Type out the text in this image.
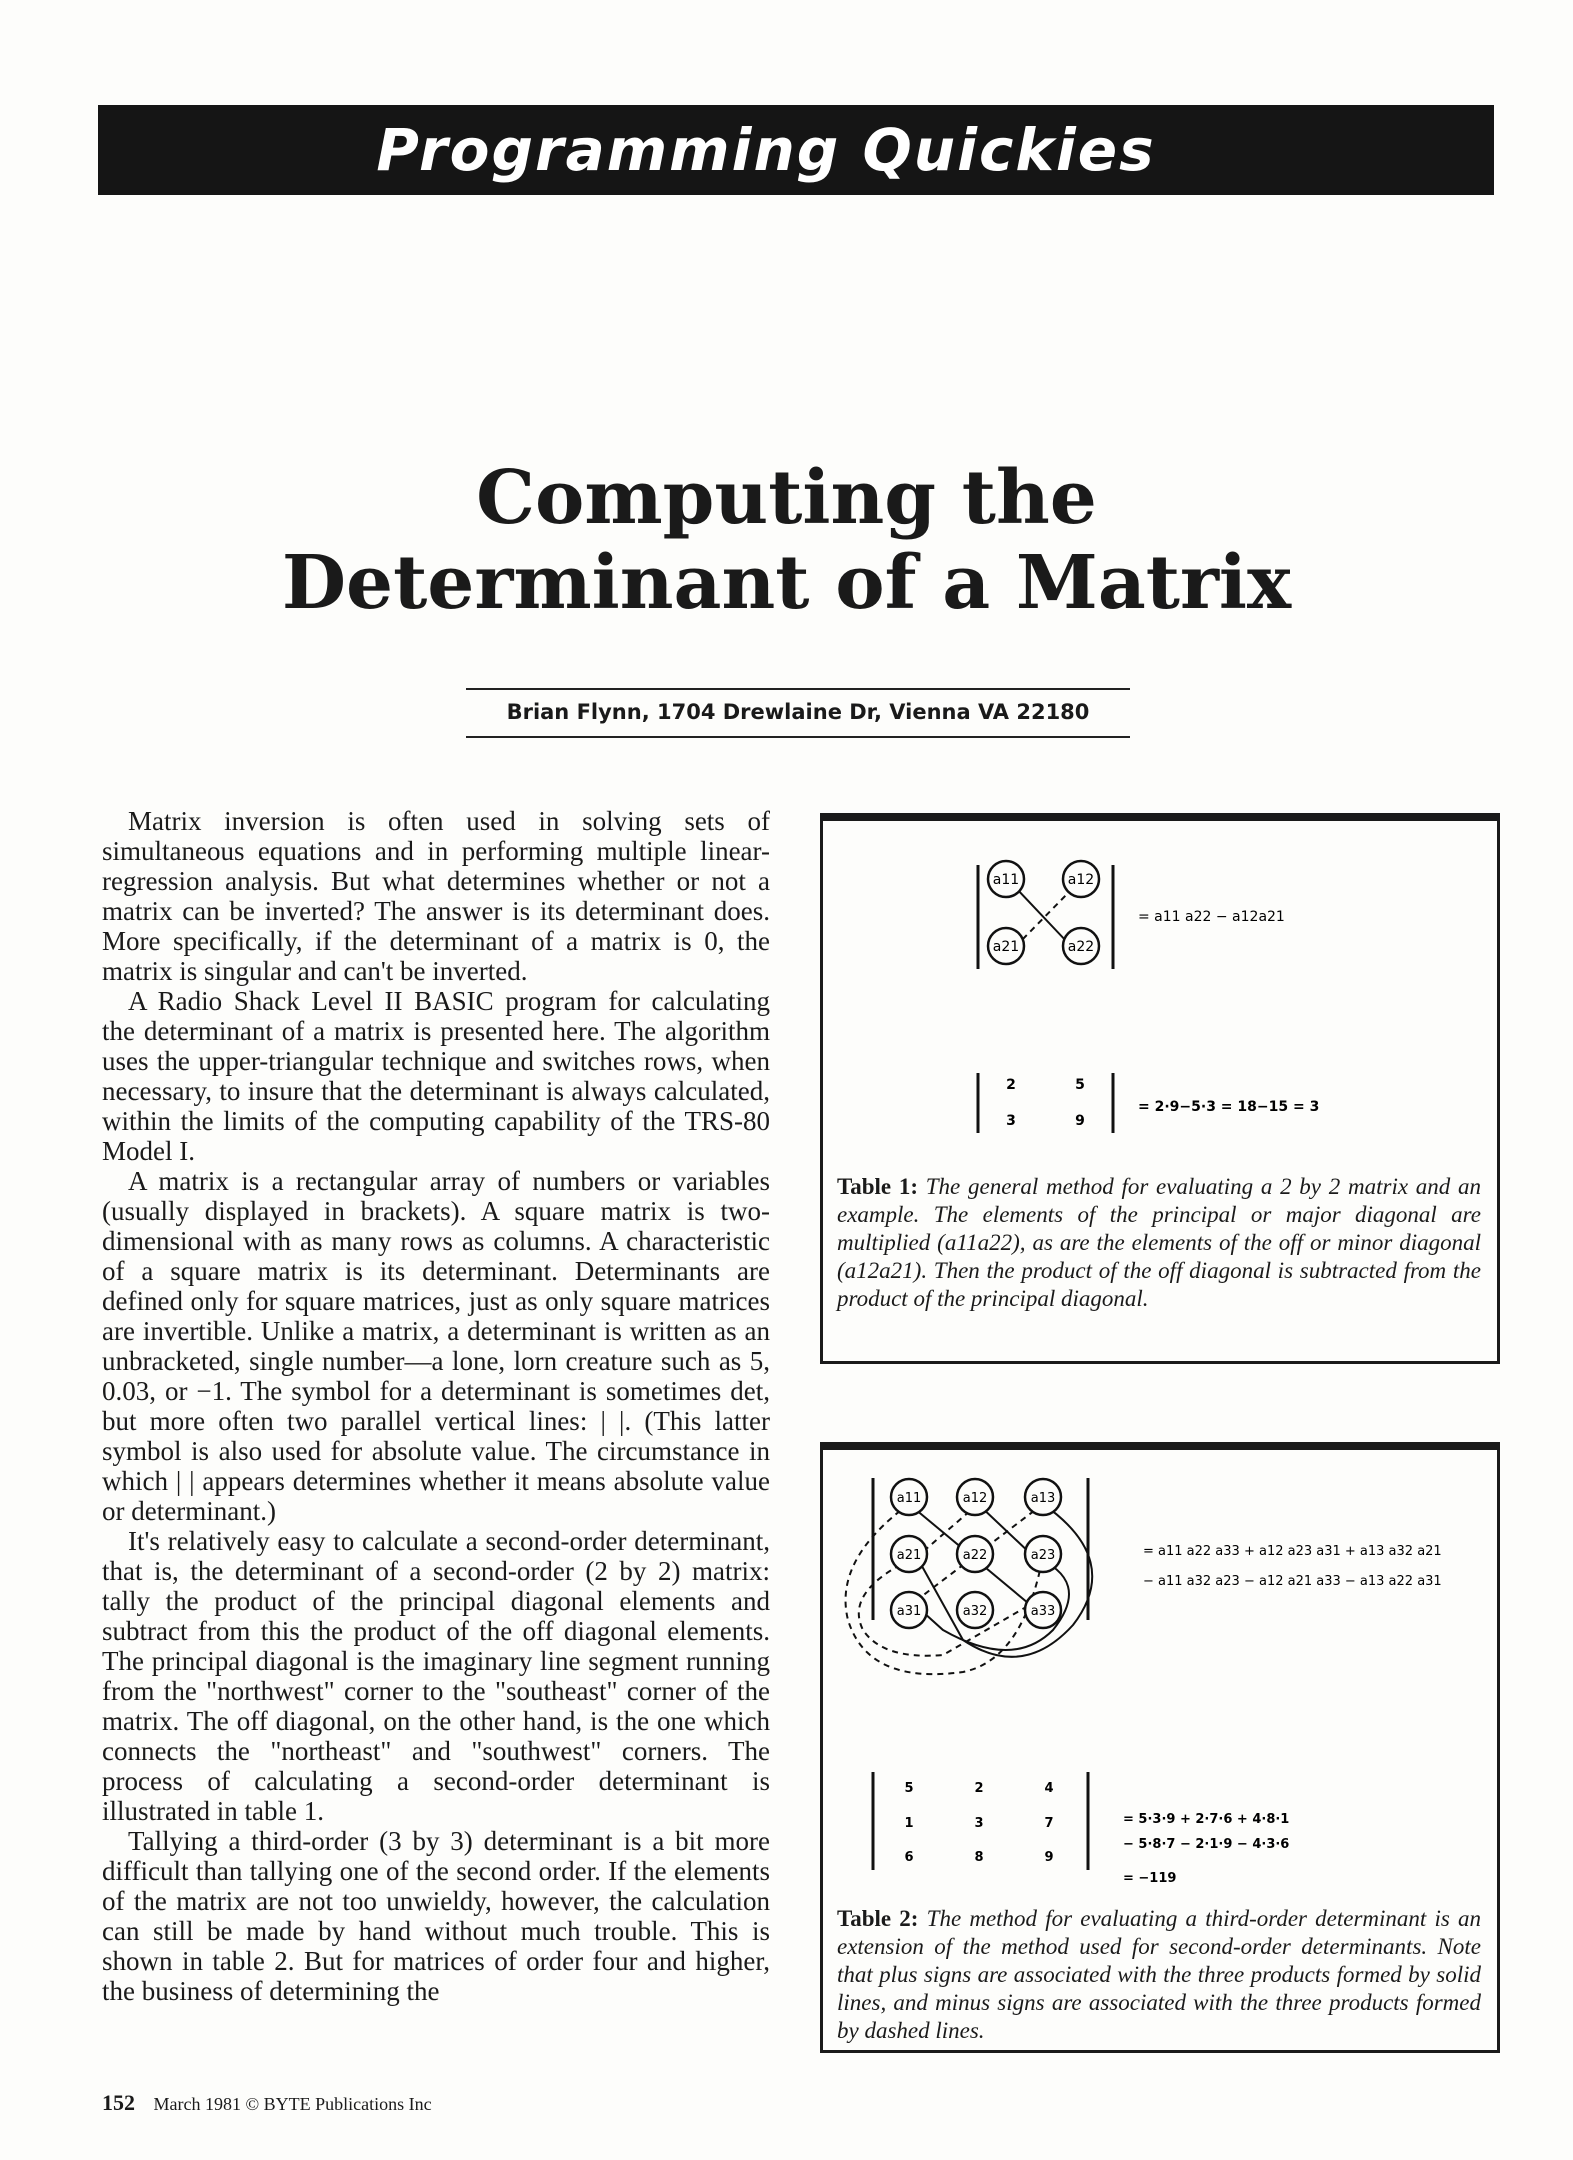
Programming Quickies
Computing the
Determinant of a Matrix
Brian Flynn, 1704 Drewlaine Dr, Vienna VA 22180

Matrix inversion is often used in solving sets of simultaneous equations and in performing multiple linear-regression analysis. But what determines whether or not a matrix can be inverted? The answer is its determinant does. More specifically, if the determinant of a matrix is 0, the matrix is singular and can't be inverted.

A Radio Shack Level II BASIC program for calculating the determinant of a matrix is presented here. The algorithm uses the upper-triangular technique and switches rows, when necessary, to insure that the determinant is always calculated, within the limits of the computing capability of the TRS-80 Model I.

A matrix is a rectangular array of numbers or variables (usually displayed in brackets). A square matrix is two-dimensional with as many rows as columns. A characteristic of a square matrix is its determinant. Determinants are defined only for square matrices, just as only square matrices are invertible. Unlike a matrix, a determinant is written as an unbracketed, single number—a lone, lorn creature such as 5, 0.03, or −1. The symbol for a determinant is sometimes det, but more often two parallel vertical lines: | |. (This latter symbol is also used for absolute value. The circumstance in which | | appears determines whether it means absolute value or determinant.)

It's relatively easy to calculate a second-order determinant, that is, the determinant of a second-order (2 by 2) matrix: tally the product of the principal diagonal elements and subtract from this the product of the off diagonal elements. The principal diagonal is the imaginary line segment running from the "northwest" corner to the "southeast" corner of the matrix. The off diagonal, on the other hand, is the one which connects the "northeast" and "southwest" corners. The process of calculating a second-order determinant is illustrated in table 1.

Tallying a third-order (3 by 3) determinant is a bit more difficult than tallying one of the second order. If the elements of the matrix are not too unwieldy, however, the calculation can still be made by hand without much trouble. This is shown in table 2. But for matrices of order four and higher, the business of determining the

a11	a12
a21	a22
= a11 a22 − a12a21
2	5
3	9
= 2·9−5·3 = 18−15 = 3
Table 1: The general method for evaluating a 2 by 2 matrix and an example. The elements of the principal or major diagonal are multiplied (a11a22), as are the elements of the off or minor diagonal (a12a21). Then the product of the off diagonal is subtracted from the product of the principal diagonal.
a11	a12	a13
a21	a22	a23
a31	a32	a33
= a11 a22 a33 + a12 a23 a31 + a13 a32 a21
− a11 a32 a23 − a12 a21 a33 − a13 a22 a31
5	2	4
1	3	7
6	8	9
= 5·3·9 + 2·7·6 + 4·8·1
− 5·8·7 − 2·1·9 − 4·3·6
= −119
Table 2: The method for evaluating a third-order determinant is an extension of the method used for second-order determinants. Note that plus signs are associated with the three products formed by solid lines, and minus signs are associated with the three products formed by dashed lines.
152 March 1981 © BYTE Publications Inc
